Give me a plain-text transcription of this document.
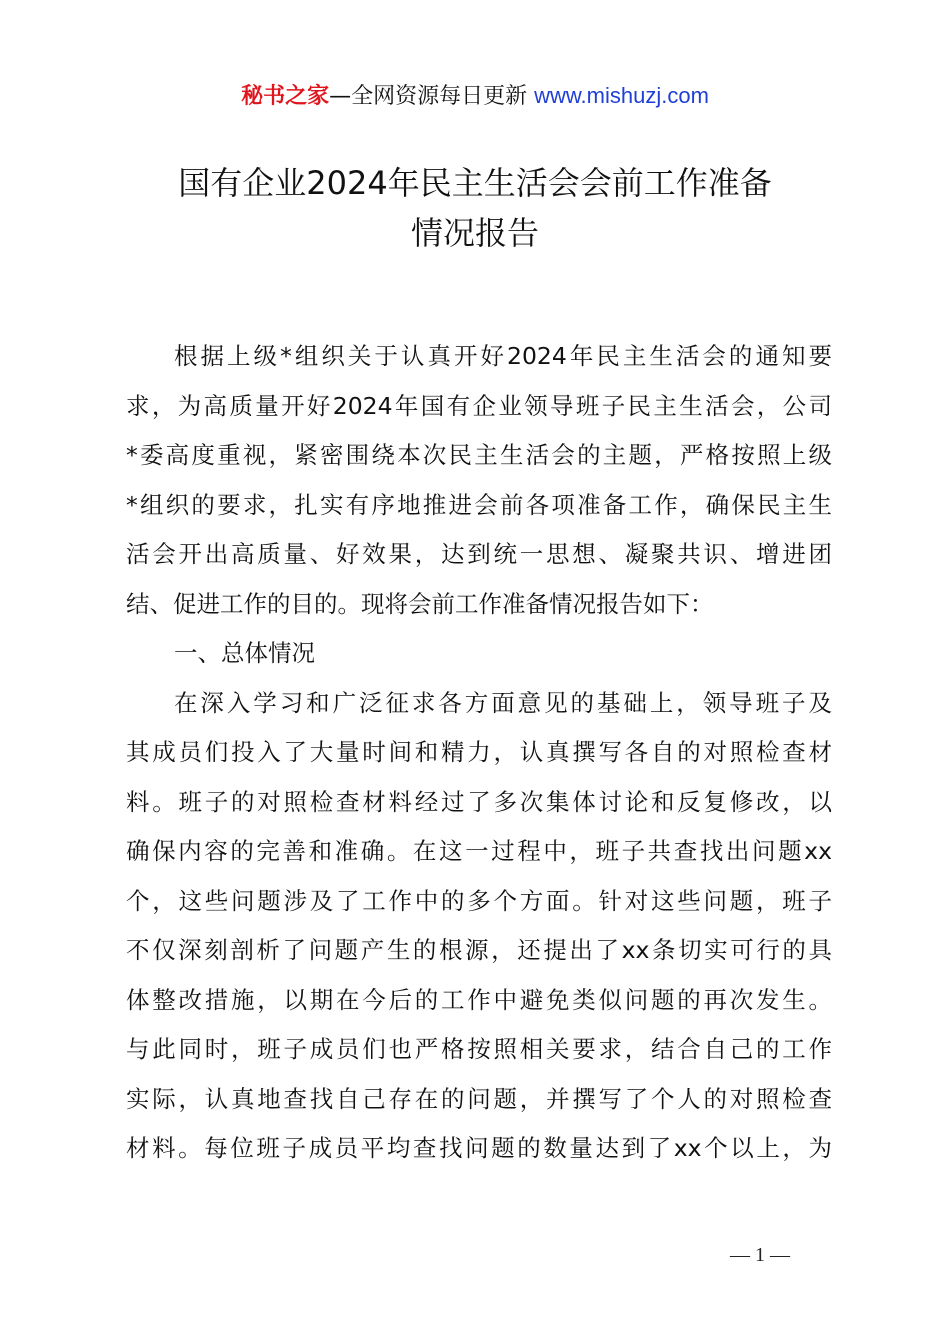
秘书之家—全网资源每日更新 www.mishuzj.com
国有企业2024年民主生活会会前工作准备
情况报告
根据上级*组织关于认真开好2024年民主生活会的通知要
求，为高质量开好2024年国有企业领导班子民主生活会，公司
*委高度重视，紧密围绕本次民主生活会的主题，严格按照上级
*组织的要求，扎实有序地推进会前各项准备工作，确保民主生
活会开出高质量、好效果，达到统一思想、凝聚共识、增进团
结、促进工作的目的。现将会前工作准备情况报告如下：
一、总体情况
在深入学习和广泛征求各方面意见的基础上，领导班子及
其成员们投入了大量时间和精力，认真撰写各自的对照检查材
料。班子的对照检查材料经过了多次集体讨论和反复修改，以
确保内容的完善和准确。在这一过程中，班子共查找出问题xx
个，这些问题涉及了工作中的多个方面。针对这些问题，班子
不仅深刻剖析了问题产生的根源，还提出了xx条切实可行的具
体整改措施，以期在今后的工作中避免类似问题的再次发生。
与此同时，班子成员们也严格按照相关要求，结合自己的工作
实际，认真地查找自己存在的问题，并撰写了个人的对照检查
材料。每位班子成员平均查找问题的数量达到了xx个以上，为
— 1 —
